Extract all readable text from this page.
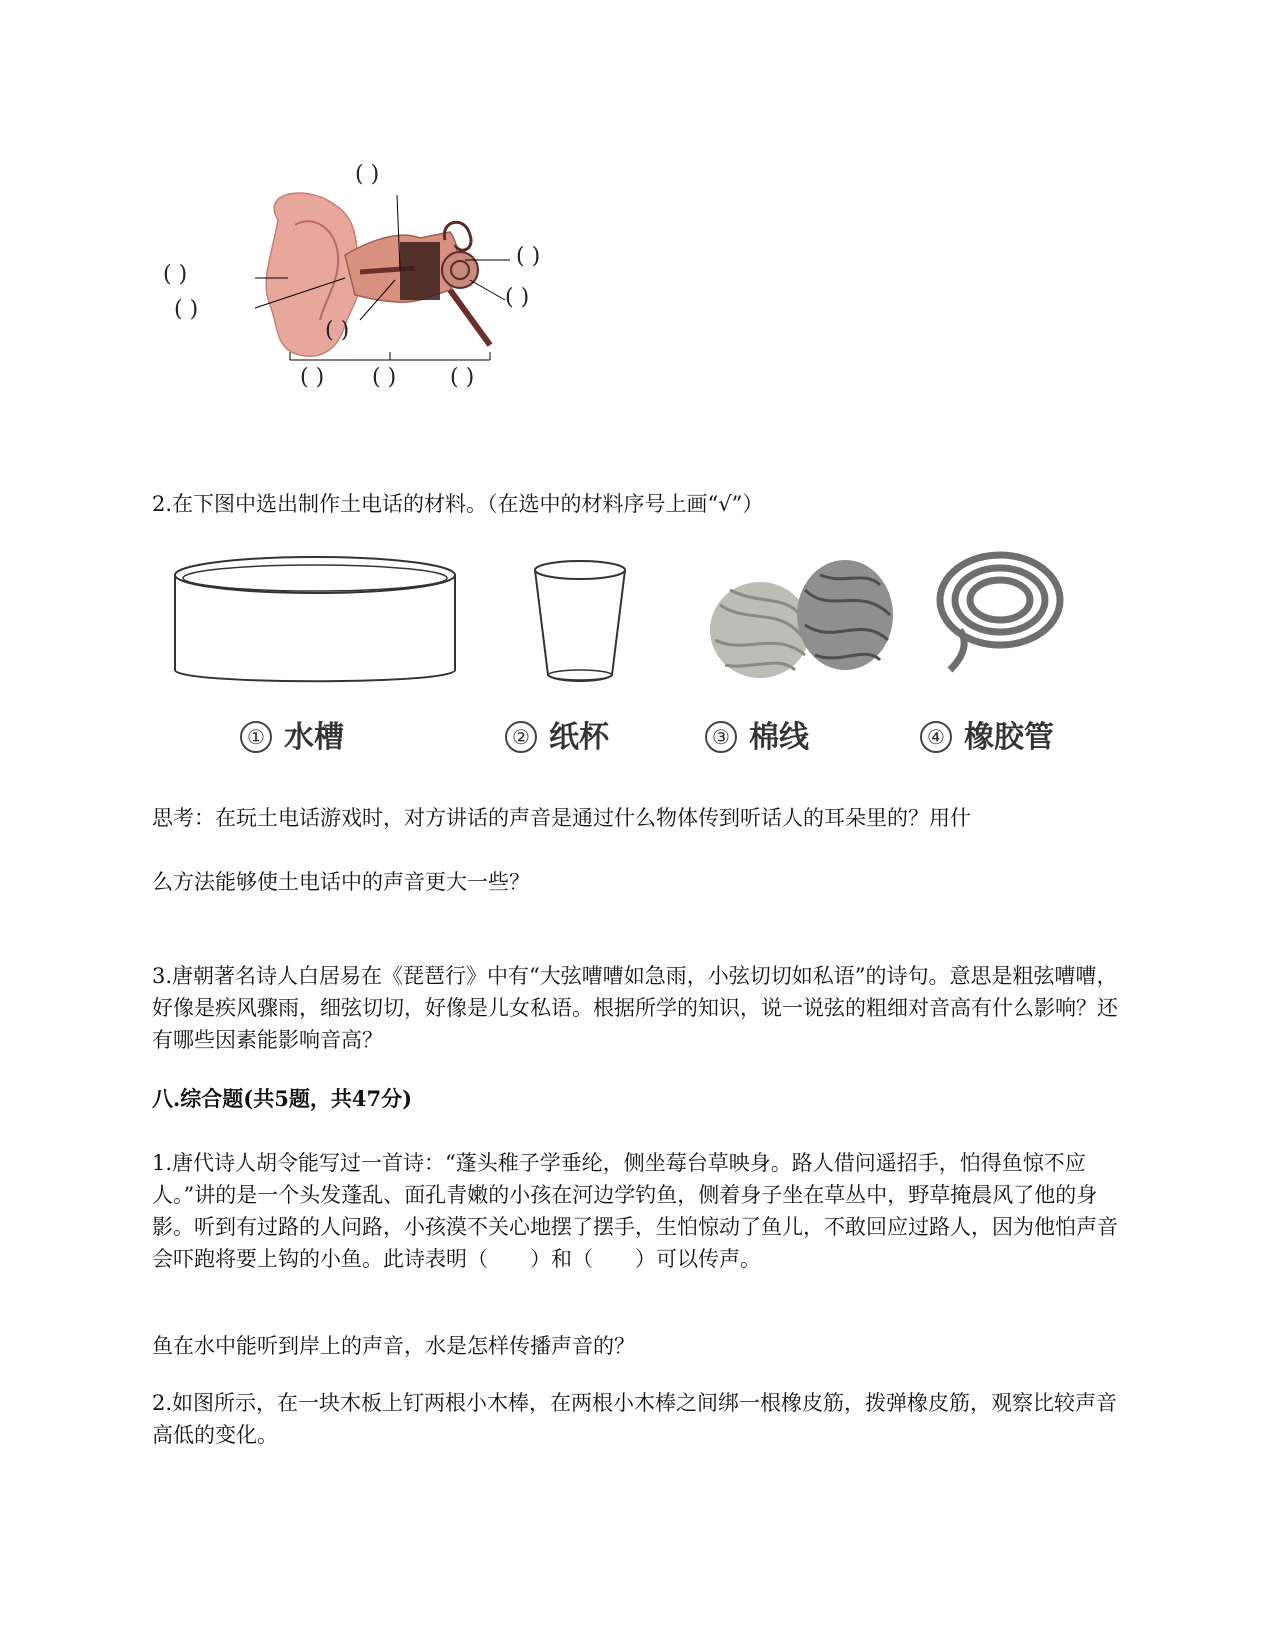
( )
( )
( )
( )
( )
( )
( ) ( ) ( )
2.在下图中选出制作土电话的材料。（在选中的材料序号上画“√”）
① 水槽	② 纸杯	③ 棉线	④ 橡胶管
思考：在玩土电话游戏时，对方讲话的声音是通过什么物体传到听话人的耳朵里的？用什
么方法能够使土电话中的声音更大一些？
3.唐朝著名诗人白居易在《琵琶行》中有“大弦嘈嘈如急雨，小弦切切如私语”的诗句。意思是粗弦嘈嘈，好像是疾风骤雨，细弦切切，好像是儿女私语。根据所学的知识，说一说弦的粗细对音高有什么影响？还有哪些因素能影响音高？
八.综合题(共5题，共47分)
1.唐代诗人胡令能写过一首诗：“蓬头稚子学垂纶，侧坐莓台草映身。路人借问遥招手，怕得鱼惊不应人。”讲的是一个头发蓬乱、面孔青嫩的小孩在河边学钓鱼，侧着身子坐在草丛中，野草掩晨风了他的身影。听到有过路的人问路，小孩漠不关心地摆了摆手，生怕惊动了鱼儿，不敢回应过路人，因为他怕声音会吓跑将要上钩的小鱼。此诗表明（　　）和（　　）可以传声。
鱼在水中能听到岸上的声音，水是怎样传播声音的？
2.如图所示，在一块木板上钉两根小木棒，在两根小木棒之间绑一根橡皮筋，拨弹橡皮筋，观察比较声音高低的变化。
